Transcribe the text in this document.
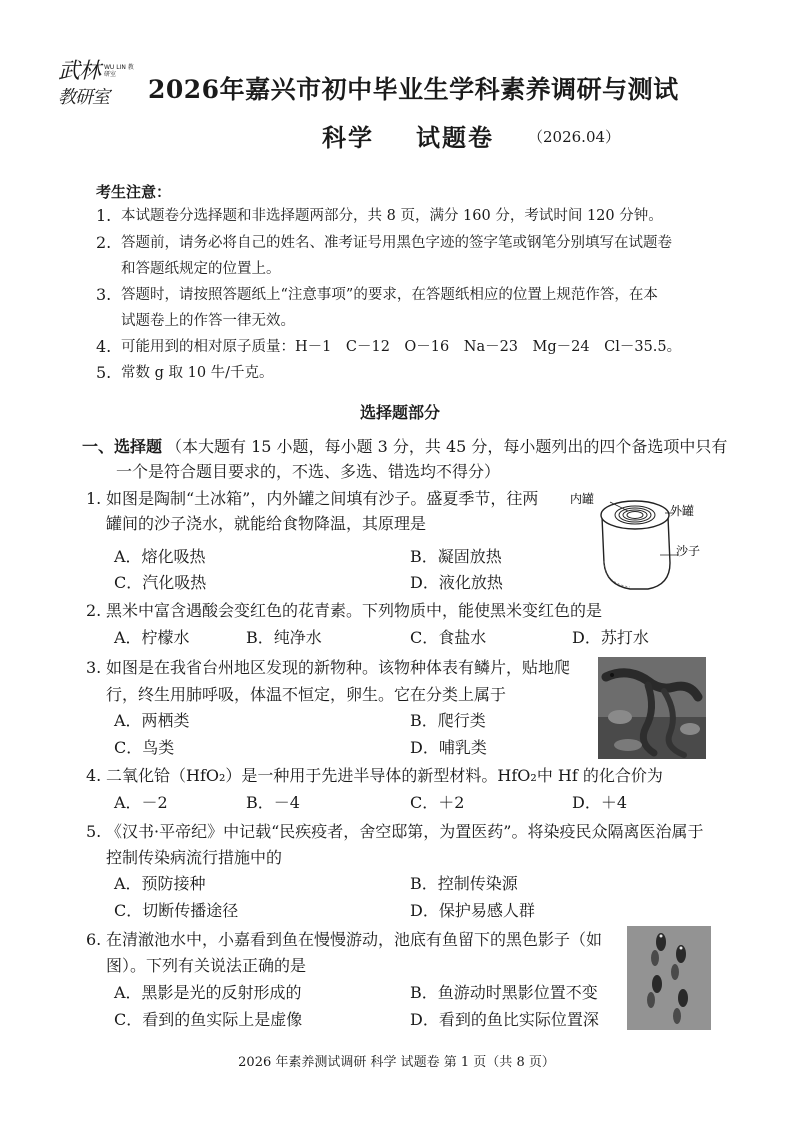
武林
教研室
WU LIN 教研室
2026年嘉兴市初中毕业生学科素养调研与测试
科学 试题卷 （2026.04）
考生注意：
1. 本试题卷分选择题和非选择题两部分，共 8 页，满分 160 分，考试时间 120 分钟。
2. 答题前，请务必将自己的姓名、准考证号用黑色字迹的签字笔或钢笔分别填写在试题卷
和答题纸规定的位置上。
3. 答题时，请按照答题纸上“注意事项”的要求，在答题纸相应的位置上规范作答，在本
试题卷上的作答一律无效。
4. 可能用到的相对原子质量：H－1　C－12　O－16　Na－23　Mg－24　Cl－35.5。
5. 常数 g 取 10 牛/千克。
选择题部分
一、选择题 （本大题有 15 小题，每小题 3 分，共 45 分，每小题列出的四个备选项中只有
一个是符合题目要求的，不选、多选、错选均不得分）
1. 如图是陶制“土冰箱”，内外罐之间填有沙子。盛夏季节，往两
罐间的沙子浇水，就能给食物降温，其原理是
A．熔化吸热	B．凝固放热
C．汽化吸热	D．液化放热
内罐
外罐
沙子
2. 黑米中富含遇酸会变红色的花青素。下列物质中，能使黑米变红色的是
A．柠檬水	B．纯净水	C．食盐水	D．苏打水
3. 如图是在我省台州地区发现的新物种。该物种体表有鳞片，贴地爬
行，终生用肺呼吸，体温不恒定，卵生。它在分类上属于
A．两栖类	B．爬行类
C．鸟类	D．哺乳类
4. 二氧化铪（HfO₂）是一种用于先进半导体的新型材料。HfO₂中 Hf 的化合价为
A．－2	B．－4	C．＋2	D．＋4
5. 《汉书·平帝纪》中记载“民疾疫者，舍空邸第，为置医药”。将染疫民众隔离医治属于
控制传染病流行措施中的
A．预防接种	B．控制传染源
C．切断传播途径	D．保护易感人群
6. 在清澈池水中，小嘉看到鱼在慢慢游动，池底有鱼留下的黑色影子（如
图）。下列有关说法正确的是
A．黑影是光的反射形成的	B．鱼游动时黑影位置不变
C．看到的鱼实际上是虚像	D．看到的鱼比实际位置深
2026 年素养测试调研 科学 试题卷 第 1 页（共 8 页）
